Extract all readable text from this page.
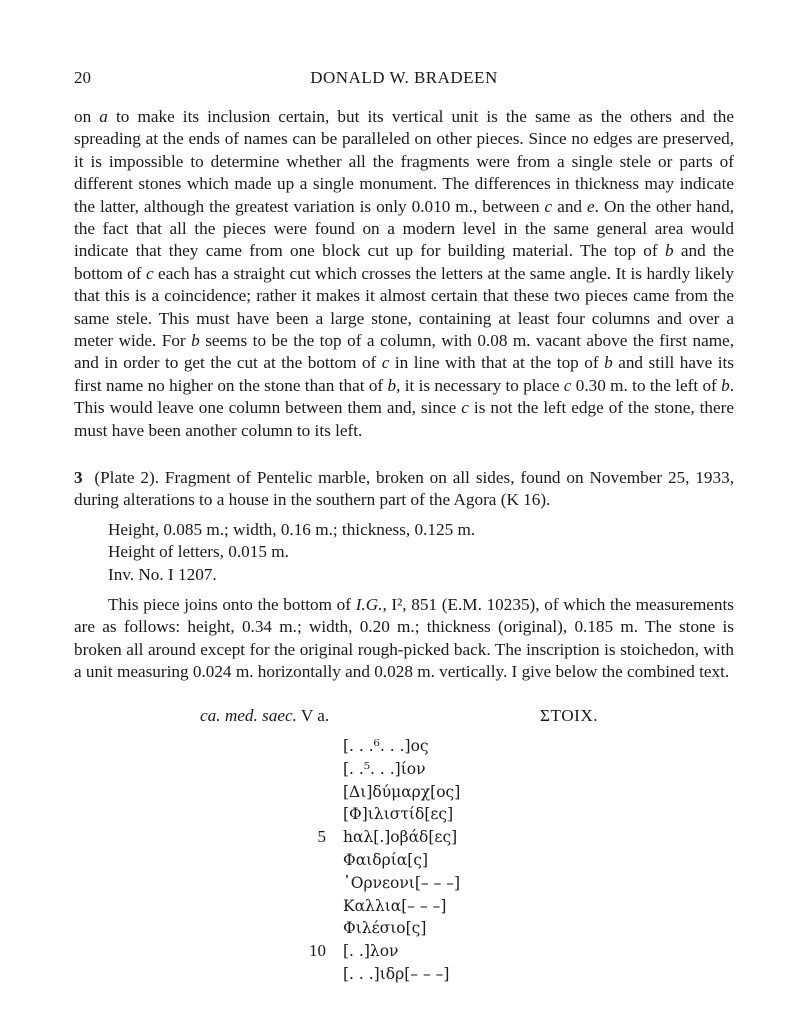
20	DONALD W. BRADEEN
on a to make its inclusion certain, but its vertical unit is the same as the others and the spreading at the ends of names can be paralleled on other pieces. Since no edges are preserved, it is impossible to determine whether all the fragments were from a single stele or parts of different stones which made up a single monument. The differences in thickness may indicate the latter, although the greatest variation is only 0.010 m., between c and e. On the other hand, the fact that all the pieces were found on a modern level in the same general area would indicate that they came from one block cut up for building material. The top of b and the bottom of c each has a straight cut which crosses the letters at the same angle. It is hardly likely that this is a coincidence; rather it makes it almost certain that these two pieces came from the same stele. This must have been a large stone, containing at least four columns and over a meter wide. For b seems to be the top of a column, with 0.08 m. vacant above the first name, and in order to get the cut at the bottom of c in line with that at the top of b and still have its first name no higher on the stone than that of b, it is necessary to place c 0.30 m. to the left of b. This would leave one column between them and, since c is not the left edge of the stone, there must have been another column to its left.
3 (Plate 2). Fragment of Pentelic marble, broken on all sides, found on November 25, 1933, during alterations to a house in the southern part of the Agora (K 16).
Height, 0.085 m.; width, 0.16 m.; thickness, 0.125 m.
Height of letters, 0.015 m.
Inv. No. I 1207.
This piece joins onto the bottom of I.G., I², 851 (E.M. 10235), of which the measurements are as follows: height, 0.34 m.; width, 0.20 m.; thickness (original), 0.185 m. The stone is broken all around except for the original rough-picked back. The inscription is stoichedon, with a unit measuring 0.024 m. horizontally and 0.028 m. vertically. I give below the combined text.
ca. med. saec. V a.	ΣΤΟΙΧ.
[. . .⁶. . .]ος
[. .⁵. . .]ίον
[Δι]δύμαρχ[ος]
[Φ]ιλιστίδ[ες]
5 hαλ[.]οβάδ[ες]
Φαιδρία[ς]
᾿Ορνεονι[– – –]
Καλλια[– – –]
Φιλέσιο[ς]
10 [. .]λον
[. . .]ιδρ[– – –]
